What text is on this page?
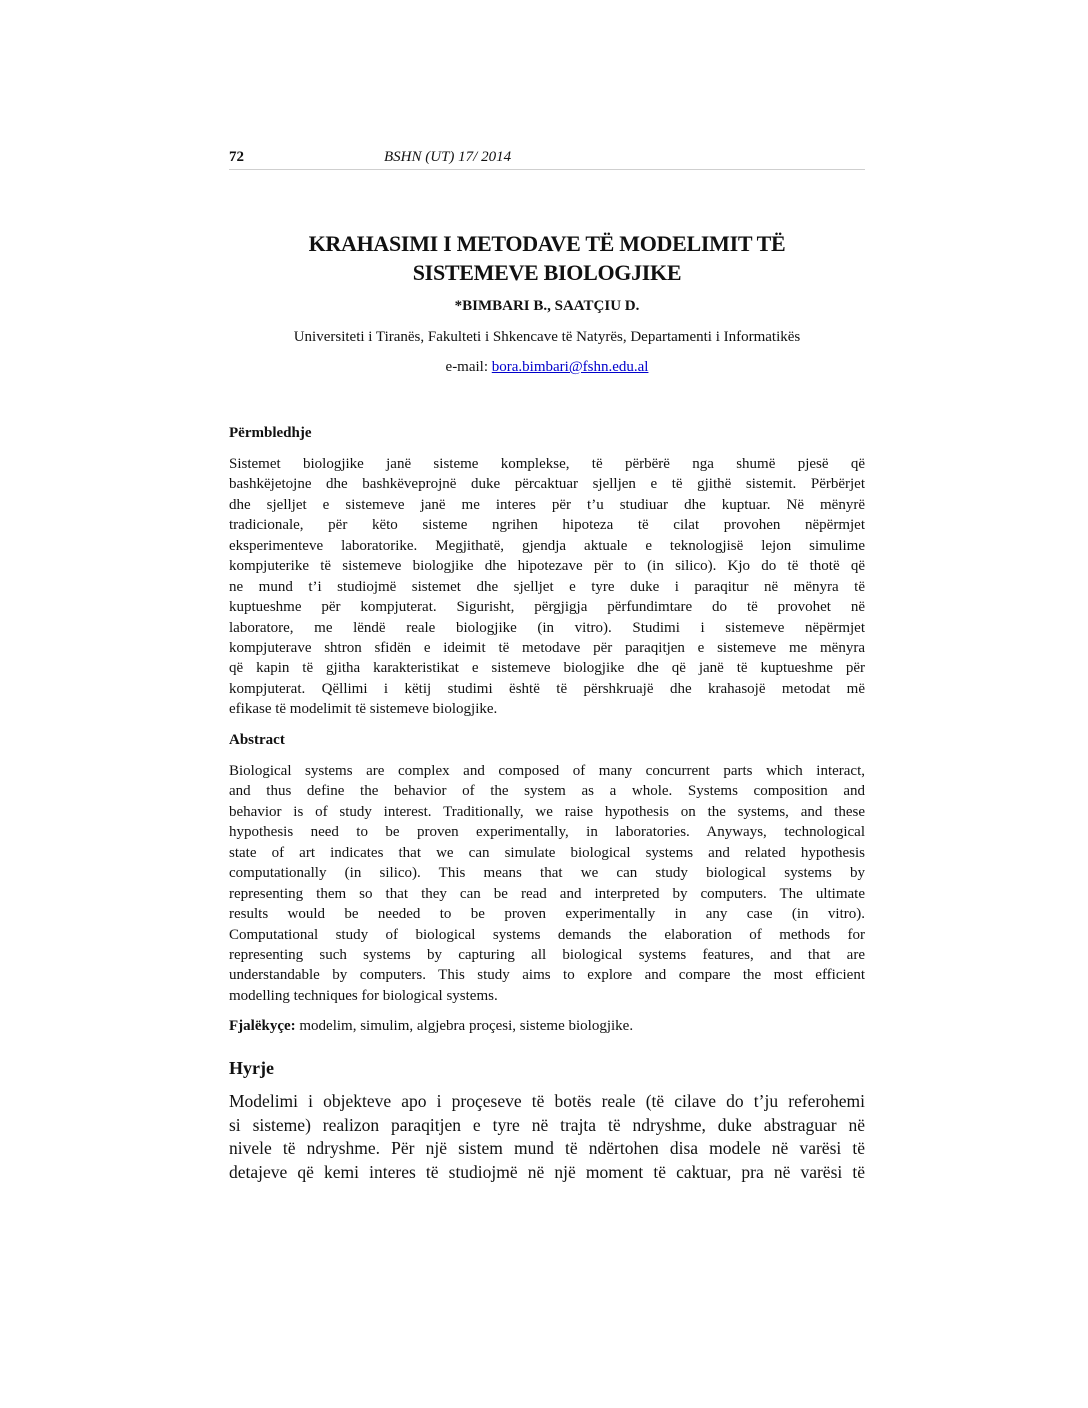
72	BSHN (UT) 17/ 2014
KRAHASIMI I METODAVE TË MODELIMIT TË
SISTEMEVE BIOLOGJIKE
*BIMBARI B., SAATÇIU D.
Universiteti i Tiranës, Fakulteti i Shkencave të Natyrës, Departamenti i Informatikës
e-mail: bora.bimbari@fshn.edu.al
Përmbledhje
Sistemet biologjike janë sisteme komplekse, të përbërë nga shumë pjesë që
bashkëjetojne dhe bashkëveprojnë duke përcaktuar sjelljen e të gjithë sistemit. Përbërjet
dhe sjelljet e sistemeve janë me interes për t’u studiuar dhe kuptuar. Në mënyrë
tradicionale, për këto sisteme ngrihen hipoteza të cilat provohen nëpërmjet
eksperimenteve laboratorike. Megjithatë, gjendja aktuale e teknologjisë lejon simulime
kompjuterike të sistemeve biologjike dhe hipotezave për to (in silico). Kjo do të thotë që
ne mund t’i studiojmë sistemet dhe sjelljet e tyre duke i paraqitur në mënyra të
kuptueshme për kompjuterat. Sigurisht, përgjigja përfundimtare do të provohet në
laboratore, me lëndë reale biologjike (in vitro). Studimi i sistemeve nëpërmjet
kompjuterave shtron sfidën e ideimit të metodave për paraqitjen e sistemeve me mënyra
që kapin të gjitha karakteristikat e sistemeve biologjike dhe që janë të kuptueshme për
kompjuterat. Qëllimi i këtij studimi është të përshkruajë dhe krahasojë metodat më
efikase të modelimit të sistemeve biologjike.
Abstract
Biological systems are complex and composed of many concurrent parts which interact,
and thus define the behavior of the system as a whole. Systems composition and
behavior is of study interest. Traditionally, we raise hypothesis on the systems, and these
hypothesis need to be proven experimentally, in laboratories. Anyways, technological
state of art indicates that we can simulate biological systems and related hypothesis
computationally (in silico). This means that we can study biological systems by
representing them so that they can be read and interpreted by computers. The ultimate
results would be needed to be proven experimentally in any case (in vitro).
Computational study of biological systems demands the elaboration of methods for
representing such systems by capturing all biological systems features, and that are
understandable by computers. This study aims to explore and compare the most efficient
modelling techniques for biological systems.
Fjalëkyçe: modelim, simulim, algjebra proçesi, sisteme biologjike.
Hyrje
Modelimi i objekteve apo i proçeseve të botës reale (të cilave do t’ju referohemi
si sisteme) realizon paraqitjen e tyre në trajta të ndryshme, duke abstraguar në
nivele të ndryshme. Për një sistem mund të ndërtohen disa modele në varësi të
detajeve që kemi interes të studiojmë në një moment të caktuar, pra në varësi të
